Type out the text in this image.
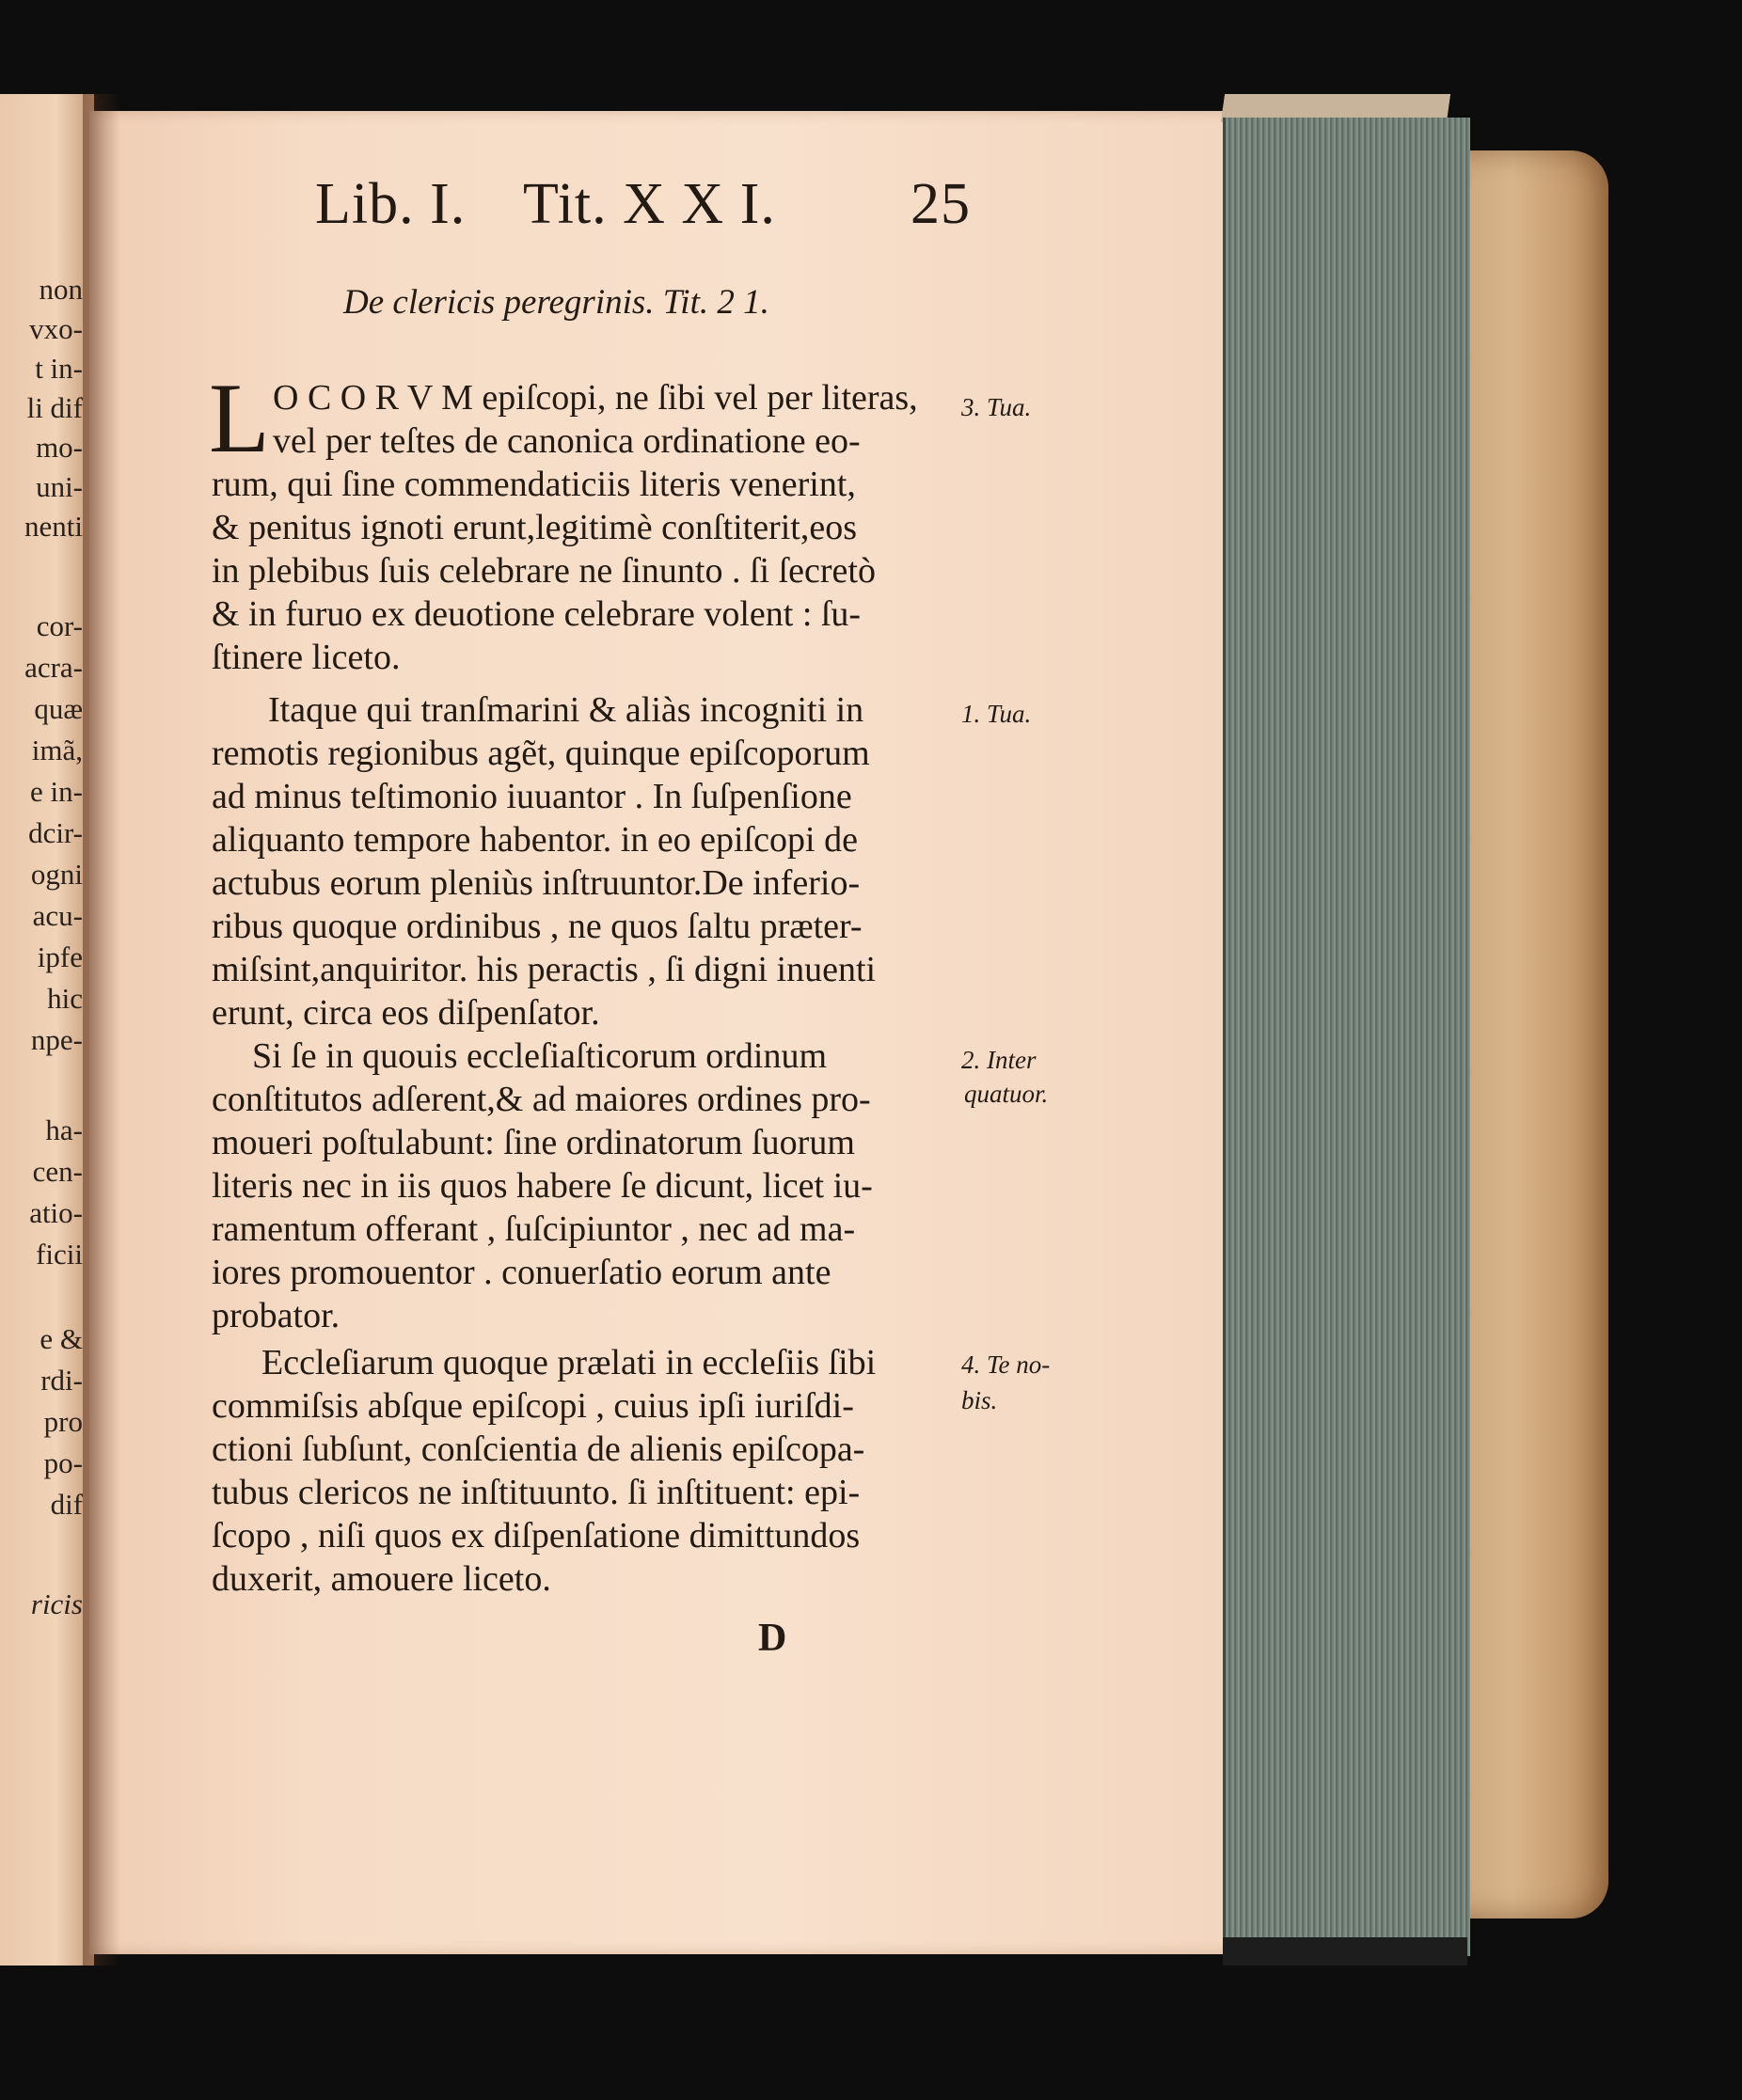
non
vxo-
t in-
li dif
mo-
uni-
nenti
cor-
acra-
quæ
imã,
e in-
dcir-
ogni
acu-
ipfe
hic
npe-
ha-
cen-
atio-
ficii
e &
rdi-
pro
po-
dif
ricis
Lib. I. Tit. X X I. 25
De clericis peregrinis. Tit. 2 1.
L O C O R V M epiſcopi, ne ſibi vel per literas,
vel per teſtes de canonica ordinatione eo-
rum, qui ſine commendaticiis literis venerint,
& penitus ignoti erunt,legitimè conſtiterit,eos
in plebibus ſuis celebrare ne ſinunto . ſi ſecretò
& in furuo ex deuotione celebrare volent : ſu-
ſtinere liceto.
Itaque qui tranſmarini & aliàs incogniti in
remotis regionibus agẽt, quinque epiſcoporum
ad minus teſtimonio iuuantor . In ſuſpenſione
aliquanto tempore habentor. in eo epiſcopi de
actubus eorum pleniùs inſtruuntor.De inferio-
ribus quoque ordinibus , ne quos ſaltu præter-
miſsint,anquiritor. his peractis , ſi digni inuenti
erunt, circa eos diſpenſator.
Si ſe in quouis eccleſiaſticorum ordinum
conſtitutos adſerent,& ad maiores ordines pro-
moueri poſtulabunt: ſine ordinatorum ſuorum
literis nec in iis quos habere ſe dicunt, licet iu-
ramentum offerant , ſuſcipiuntor , nec ad ma-
iores promouentor . conuerſatio eorum ante
probator.
Eccleſiarum quoque prælati in eccleſiis ſibi
commiſsis abſque epiſcopi , cuius ipſi iuriſdi-
ctioni ſubſunt, conſcientia de alienis epiſcopa-
tubus clericos ne inſtituunto. ſi inſtituent: epi-
ſcopo , niſi quos ex diſpenſatione dimittundos
duxerit, amouere liceto.
3. Tua.
1. Tua.
2. Inter
quatuor.
4. Te no-
bis.
D
